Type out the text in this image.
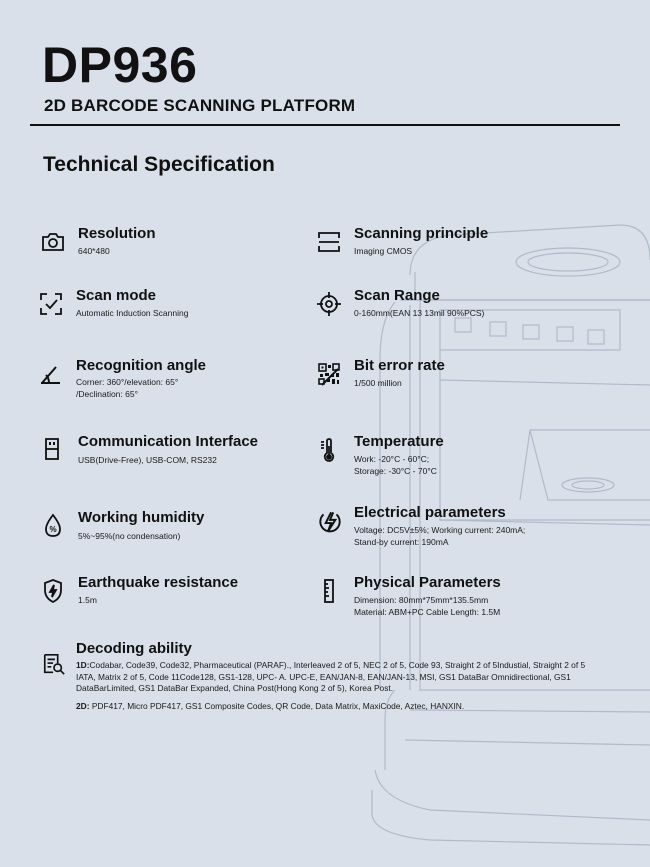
DP936
2D BARCODE SCANNING PLATFORM
Technical Specification
Resolution
640*480
Scanning principle
Imaging CMOS
Scan mode
Automatic Induction Scanning
Scan Range
0-160mm(EAN 13 13mil 90%PCS)
Recognition angle
Corner: 360°/elevation: 65°
/Declination: 65°
Bit error rate
1/500 million
Communication Interface
USB(Drive-Free), USB-COM, RS232
Temperature
Work: -20°C - 60°C;
Storage: -30°C - 70°C
%
Working humidity
5%~95%(no condensation)
Electrical parameters
Voltage: DC5V±5%; Working current: 240mA;
Stand-by current: 190mA
Earthquake resistance
1.5m
Physical Parameters
Dimension: 80mm*75mm*135.5mm
Material: ABM+PC Cable Length: 1.5M
Decoding ability
1D:Codabar, Code39, Code32, Pharmaceutical (PARAF)., Interleaved 2 of 5, NEC 2 of 5, Code 93, Straight 2 of 5Industial, Straight 2 of 5 IATA, Matrix 2 of 5, Code 11Code128, GS1-128, UPC- A. UPC-E, EAN/JAN-8, EAN/JAN-13, MSI, GS1 DataBar Omnidirectional, GS1 DataBarLimited, GS1 DataBar Expanded, China Post(Hong Kong 2 of 5), Korea Post.
2D: PDF417, Micro PDF417, GS1 Composite Codes, QR Code, Data Matrix, MaxiCode, Aztec, HANXIN.
